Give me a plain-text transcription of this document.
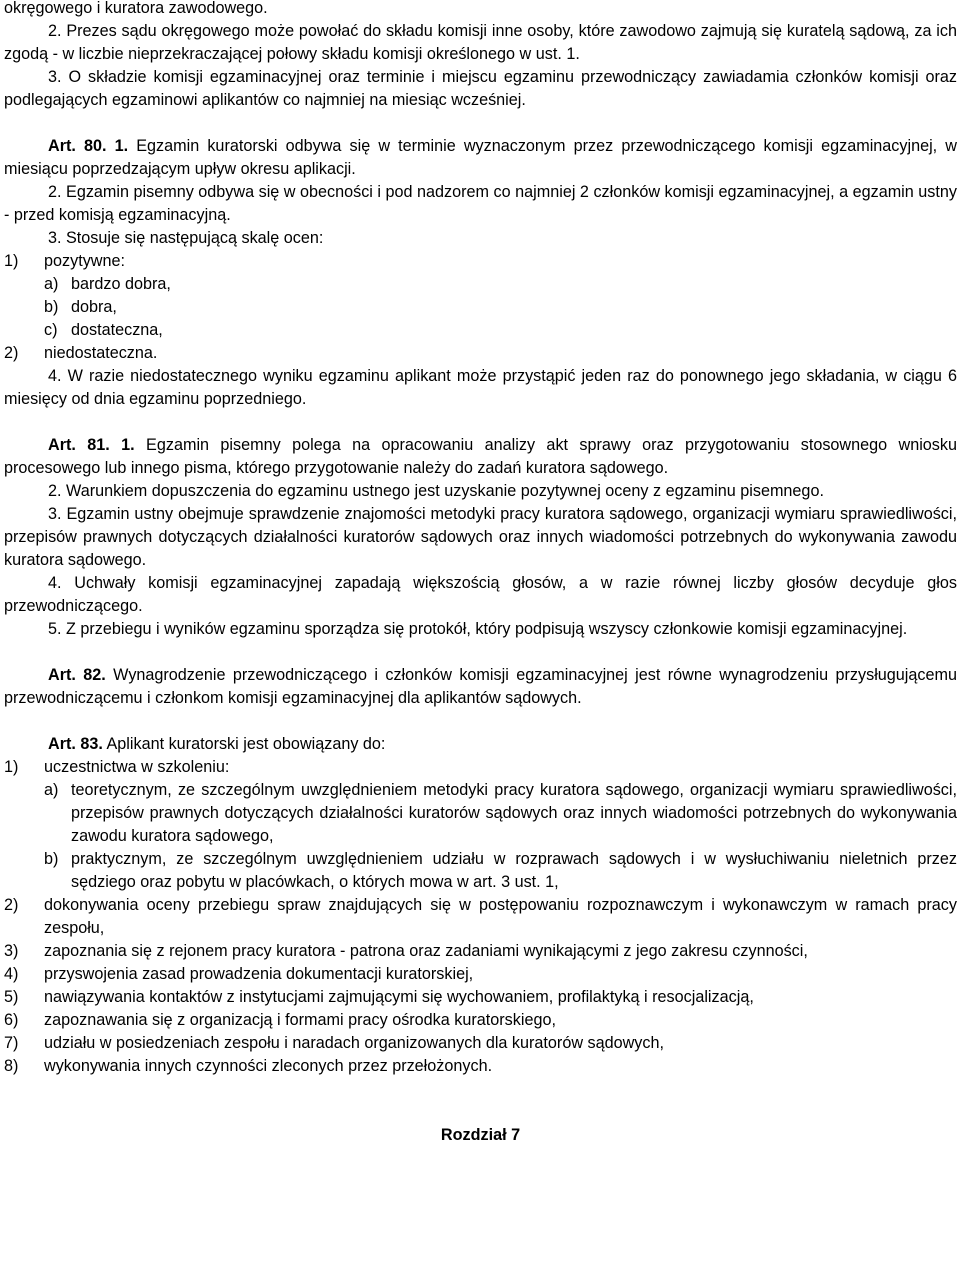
okręgowego i kuratora zawodowego.

2. Prezes sądu okręgowego może powołać do składu komisji inne osoby, które zawodowo zajmują się kuratelą sądową, za ich zgodą - w liczbie nieprzekraczającej połowy składu komisji określonego w ust. 1.

3. O składzie komisji egzaminacyjnej oraz terminie i miejscu egzaminu przewodniczący zawiadamia członków komisji oraz podlegających egzaminowi aplikantów co najmniej na miesiąc wcześniej.

Art. 80. 1. Egzamin kuratorski odbywa się w terminie wyznaczonym przez przewodniczącego komisji egzaminacyjnej, w miesiącu poprzedzającym upływ okresu aplikacji.

2. Egzamin pisemny odbywa się w obecności i pod nadzorem co najmniej 2 członków komisji egzaminacyjnej, a egzamin ustny - przed komisją egzaminacyjną.

3. Stosuje się następującą skalę ocen:

1) pozytywne:
a) bardzo dobra,
b) dobra,
c) dostateczna,
2) niedostateczna.

4. W razie niedostatecznego wyniku egzaminu aplikant może przystąpić jeden raz do ponownego jego składania, w ciągu 6 miesięcy od dnia egzaminu poprzedniego.

Art. 81. 1. Egzamin pisemny polega na opracowaniu analizy akt sprawy oraz przygotowaniu stosownego wniosku procesowego lub innego pisma, którego przygotowanie należy do zadań kuratora sądowego.

2. Warunkiem dopuszczenia do egzaminu ustnego jest uzyskanie pozytywnej oceny z egzaminu pisemnego.

3. Egzamin ustny obejmuje sprawdzenie znajomości metodyki pracy kuratora sądowego, organizacji wymiaru sprawiedliwości, przepisów prawnych dotyczących działalności kuratorów sądowych oraz innych wiadomości potrzebnych do wykonywania zawodu kuratora sądowego.

4. Uchwały komisji egzaminacyjnej zapadają większością głosów, a w razie równej liczby głosów decyduje głos przewodniczącego.

5. Z przebiegu i wyników egzaminu sporządza się protokół, który podpisują wszyscy członkowie komisji egzaminacyjnej.

Art. 82. Wynagrodzenie przewodniczącego i członków komisji egzaminacyjnej jest równe wynagrodzeniu przysługującemu przewodniczącemu i członkom komisji egzaminacyjnej dla aplikantów sądowych.

Art. 83. Aplikant kuratorski jest obowiązany do:

1) uczestnictwa w szkoleniu:
a) teoretycznym, ze szczególnym uwzględnieniem metodyki pracy kuratora sądowego, organizacji wymiaru sprawiedliwości, przepisów prawnych dotyczących działalności kuratorów sądowych oraz innych wiadomości potrzebnych do wykonywania zawodu kuratora sądowego,
b) praktycznym, ze szczególnym uwzględnieniem udziału w rozprawach sądowych i w wysłuchiwaniu nieletnich przez sędziego oraz pobytu w placówkach, o których mowa w art. 3 ust. 1,
2) dokonywania oceny przebiegu spraw znajdujących się w postępowaniu rozpoznawczym i wykonawczym w ramach pracy zespołu,
3) zapoznania się z rejonem pracy kuratora - patrona oraz zadaniami wynikającymi z jego zakresu czynności,
4) przyswojenia zasad prowadzenia dokumentacji kuratorskiej,
5) nawiązywania kontaktów z instytucjami zajmującymi się wychowaniem, profilaktyką i resocjalizacją,
6) zapoznawania się z organizacją i formami pracy ośrodka kuratorskiego,
7) udziału w posiedzeniach zespołu i naradach organizowanych dla kuratorów sądowych,
8) wykonywania innych czynności zleconych przez przełożonych.

Rozdział 7
